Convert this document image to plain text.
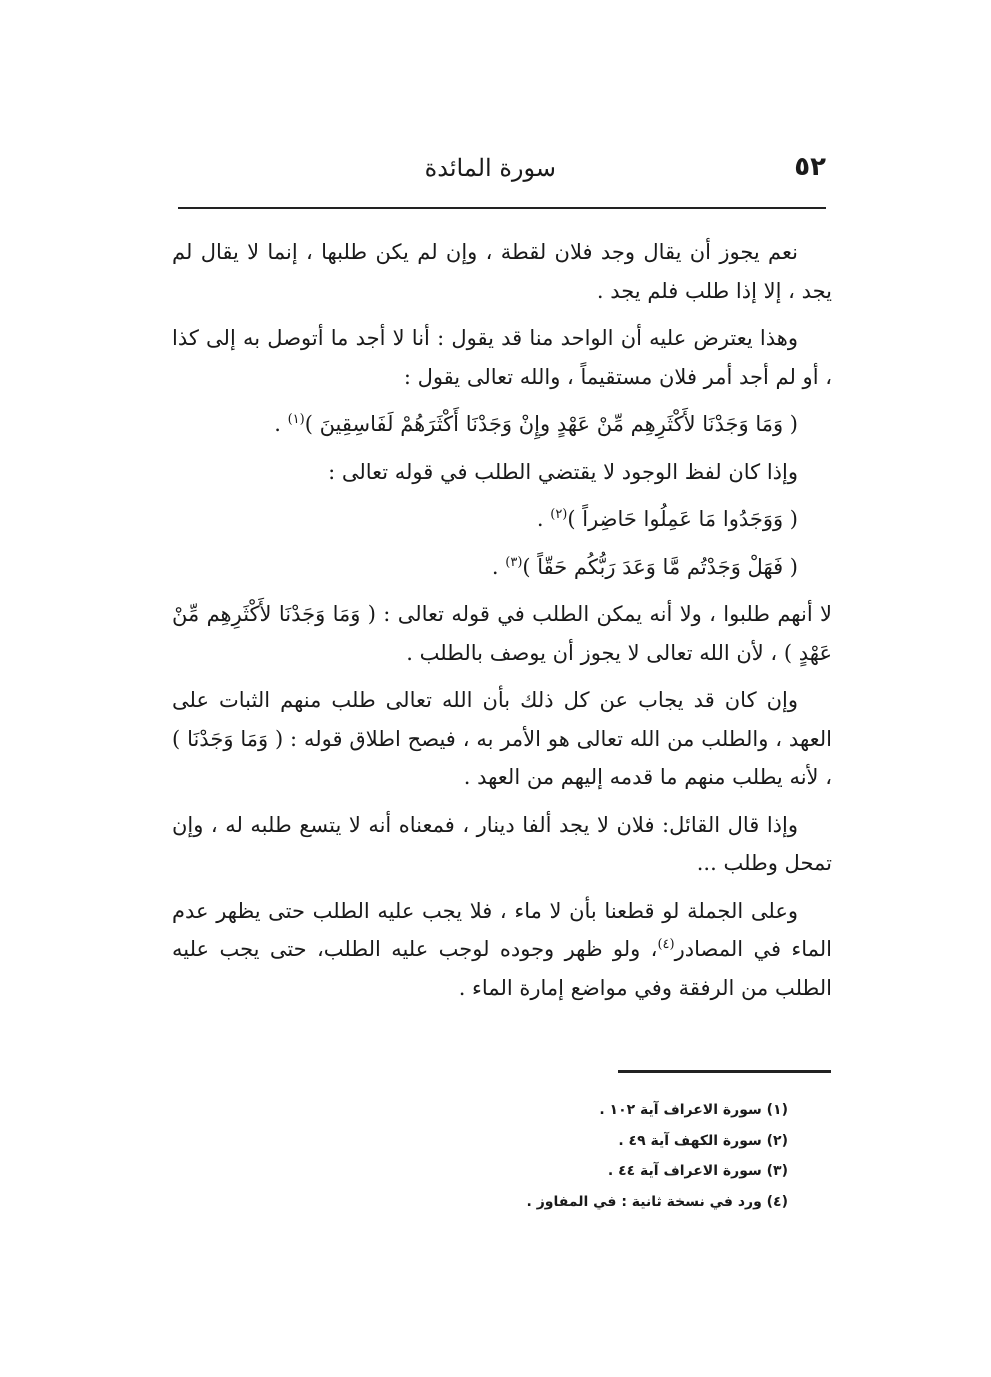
٥٢
سورة المائدة

نعم يجوز أن يقال وجد فلان لقطة ، وإن لم يكن طلبها ، إنما لا يقال لم يجد ، إلا إذا طلب فلم يجد .

وهذا يعترض عليه أن الواحد منا قد يقول : أنا لا أجد ما أتوصل به إلى كذا ، أو لم أجد أمر فلان مستقيماً ، والله تعالى يقول :

( وَمَا وَجَدْنَا لأَكْثَرِهِم مِّنْ عَهْدٍ وإِنْ وَجَدْنَا أَكْثَرَهُمْ لَفَاسِقِينَ )$^{(١)}$ .

وإذا كان لفظ الوجود لا يقتضي الطلب في قوله تعالى :

( وَوَجَدُوا مَا عَمِلُوا حَاضِراً )$^{(٢)}$ .

( فَهَلْ وَجَدْتُم مَّا وَعَدَ رَبُّكُم حَقّاً )$^{(٣)}$ .

لا أنهم طلبوا ، ولا أنه يمكن الطلب في قوله تعالى : ( وَمَا وَجَدْنَا لأَكْثَرِهِم مِّنْ عَهْدٍ ) ، لأن الله تعالى لا يجوز أن يوصف بالطلب .

وإن كان قد يجاب عن كل ذلك بأن الله تعالى طلب منهم الثبات على العهد ، والطلب من الله تعالى هو الأمر به ، فيصح اطلاق قوله : ( وَمَا وَجَدْنَا ) ، لأنه يطلب منهم ما قدمه إليهم من العهد .

وإذا قال القائل: فلان لا يجد ألفا دينار ، فمعناه أنه لا يتسع طلبه له ، وإن تمحل وطلب ...

وعلى الجملة لو قطعنا بأن لا ماء ، فلا يجب عليه الطلب حتى يظهر عدم الماء في المصادر$^{(٤)}$، ولو ظهر وجوده لوجب عليه الطلب، حتى يجب عليه الطلب من الرفقة وفي مواضع إمارة الماء .

(١) سورة الاعراف آية ١٠٢ .
(٢) سورة الكهف آية ٤٩ .
(٣) سورة الاعراف آية ٤٤ .
(٤) ورد في نسخة ثانية : في المفاوز .
